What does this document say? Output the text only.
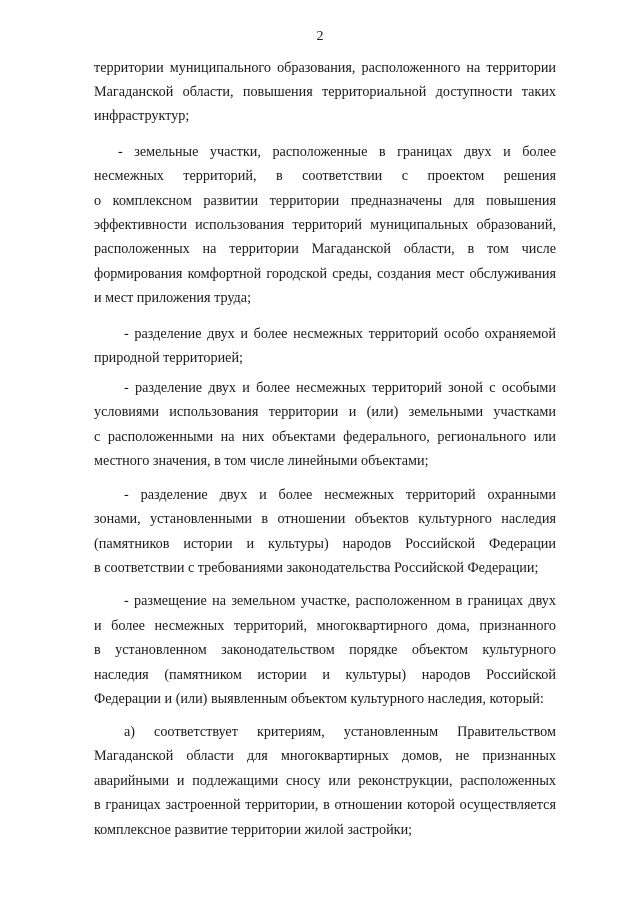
2
территории муниципального образования, расположенного на территории
Магаданской области, повышения территориальной доступности таких
инфраструктур;
- земельные участки, расположенные в границах двух и более
несмежных территорий, в соответствии с проектом решения
о комплексном развитии территории предназначены для повышения
эффективности использования территорий муниципальных образований,
расположенных на территории Магаданской области, в том числе
формирования комфортной городской среды, создания мест обслуживания
и мест приложения труда;
- разделение двух и более несмежных территорий особо охраняемой
природной территорией;
- разделение двух и более несмежных территорий зоной с особыми
условиями использования территории и (или) земельными участками
с расположенными на них объектами федерального, регионального или
местного значения, в том числе линейными объектами;
- разделение двух и более несмежных территорий охранными
зонами, установленными в отношении объектов культурного наследия
(памятников истории и культуры) народов Российской Федерации
в соответствии с требованиями законодательства Российской Федерации;
- размещение на земельном участке, расположенном в границах двух
и более несмежных территорий, многоквартирного дома, признанного
в установленном законодательством порядке объектом культурного
наследия (памятником истории и культуры) народов Российской
Федерации и (или) выявленным объектом культурного наследия, который:
а) соответствует критериям, установленным Правительством
Магаданской области для многоквартирных домов, не признанных
аварийными и подлежащими сносу или реконструкции, расположенных
в границах застроенной территории, в отношении которой осуществляется
комплексное развитие территории жилой застройки;
